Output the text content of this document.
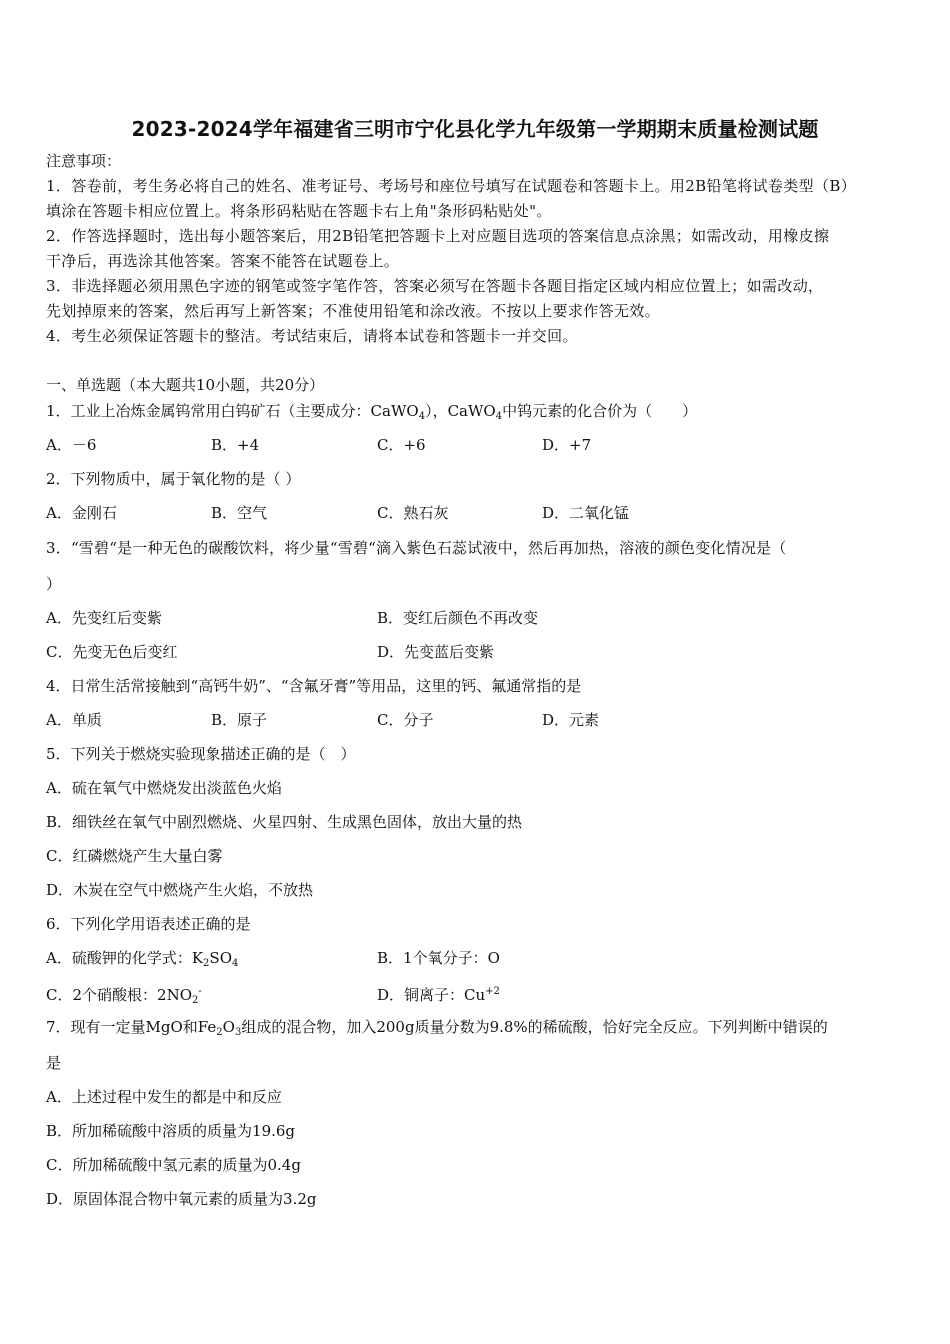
2023-2024学年福建省三明市宁化县化学九年级第一学期期末质量检测试题
注意事项：
1．答卷前，考生务必将自己的姓名、准考证号、考场号和座位号填写在试题卷和答题卡上。用2B铅笔将试卷类型（B）
填涂在答题卡相应位置上。将条形码粘贴在答题卡右上角"条形码粘贴处"。
2．作答选择题时，选出每小题答案后，用2B铅笔把答题卡上对应题目选项的答案信息点涂黑；如需改动，用橡皮擦
干净后，再选涂其他答案。答案不能答在试题卷上。
3．非选择题必须用黑色字迹的钢笔或签字笔作答，答案必须写在答题卡各题目指定区域内相应位置上；如需改动，
先划掉原来的答案，然后再写上新答案；不准使用铅笔和涂改液。不按以上要求作答无效。
4．考生必须保证答题卡的整洁。考试结束后，请将本试卷和答题卡一并交回。
一、单选题（本大题共10小题，共20分）
1．工业上冶炼金属钨常用白钨矿石（主要成分：CaWO$_4$），CaWO$_4$中钨元素的化合价为（　　）
A．－6	B．+4	C．+6	D．+7
2．下列物质中，属于氧化物的是（ ）
A．金刚石	B．空气	C．熟石灰	D．二氧化锰
3．“雪碧“是一种无色的碳酸饮料，将少量“雪碧“滴入紫色石蕊试液中，然后再加热，溶液的颜色变化情况是（
）
A．先变红后变紫	B．变红后颜色不再改变
C．先变无色后变红	D．先变蓝后变紫
4．日常生活常接触到“高钙牛奶”、“含氟牙膏”等用品，这里的钙、氟通常指的是
A．单质	B．原子	C．分子	D．元素
5．下列关于燃烧实验现象描述正确的是（　）
A．硫在氧气中燃烧发出淡蓝色火焰
B．细铁丝在氧气中剧烈燃烧、火星四射、生成黑色固体，放出大量的热
C．红磷燃烧产生大量白雾
D．木炭在空气中燃烧产生火焰，不放热
6．下列化学用语表述正确的是
A．硫酸钾的化学式：$K_2SO_4$	B．1个氧分子：O
C．2个硝酸根：$2NO_2^-$	D．铜离子：$Cu^{+2}$
7．现有一定量MgO和$Fe_2O_3$组成的混合物，加入200g质量分数为9.8%的稀硫酸，恰好完全反应。下列判断中错误的
是
A．上述过程中发生的都是中和反应
B．所加稀硫酸中溶质的质量为19.6g
C．所加稀硫酸中氢元素的质量为0.4g
D．原固体混合物中氧元素的质量为3.2g
